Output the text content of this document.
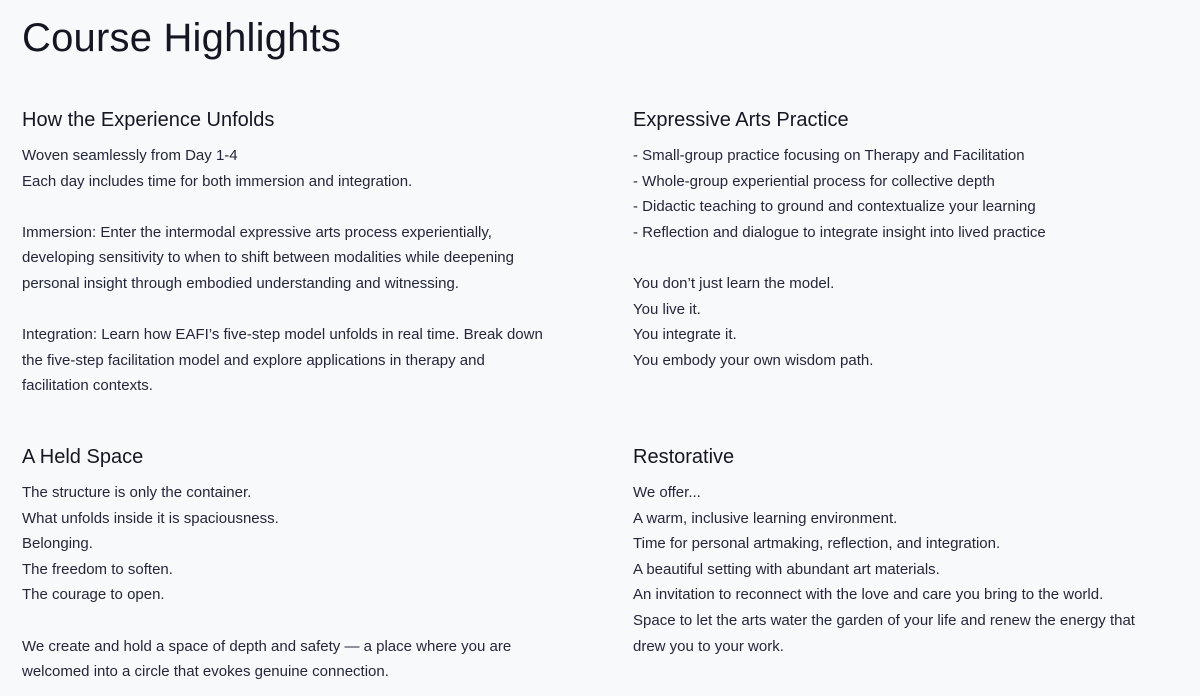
Course Highlights
How the Experience Unfolds
Woven seamlessly from Day 1-4
Each day includes time for both immersion and integration.
Immersion: Enter the intermodal expressive arts process experientially,
developing sensitivity to when to shift between modalities while deepening
personal insight through embodied understanding and witnessing.
Integration: Learn how EAFI’s five-step model unfolds in real time. Break down
the five-step facilitation model and explore applications in therapy and
facilitation contexts.
Expressive Arts Practice
- Small-group practice focusing on Therapy and Facilitation
- Whole-group experiential process for collective depth
- Didactic teaching to ground and contextualize your learning
- Reflection and dialogue to integrate insight into lived practice
You don’t just learn the model.
You live it.
You integrate it.
You embody your own wisdom path.
A Held Space
The structure is only the container.
What unfolds inside it is spaciousness.
Belonging.
The freedom to soften.
The courage to open.
We create and hold a space of depth and safety — a place where you are
welcomed into a circle that evokes genuine connection.
Restorative
We offer...
A warm, inclusive learning environment.
Time for personal artmaking, reflection, and integration.
A beautiful setting with abundant art materials.
An invitation to reconnect with the love and care you bring to the world.
Space to let the arts water the garden of your life and renew the energy that
drew you to your work.
